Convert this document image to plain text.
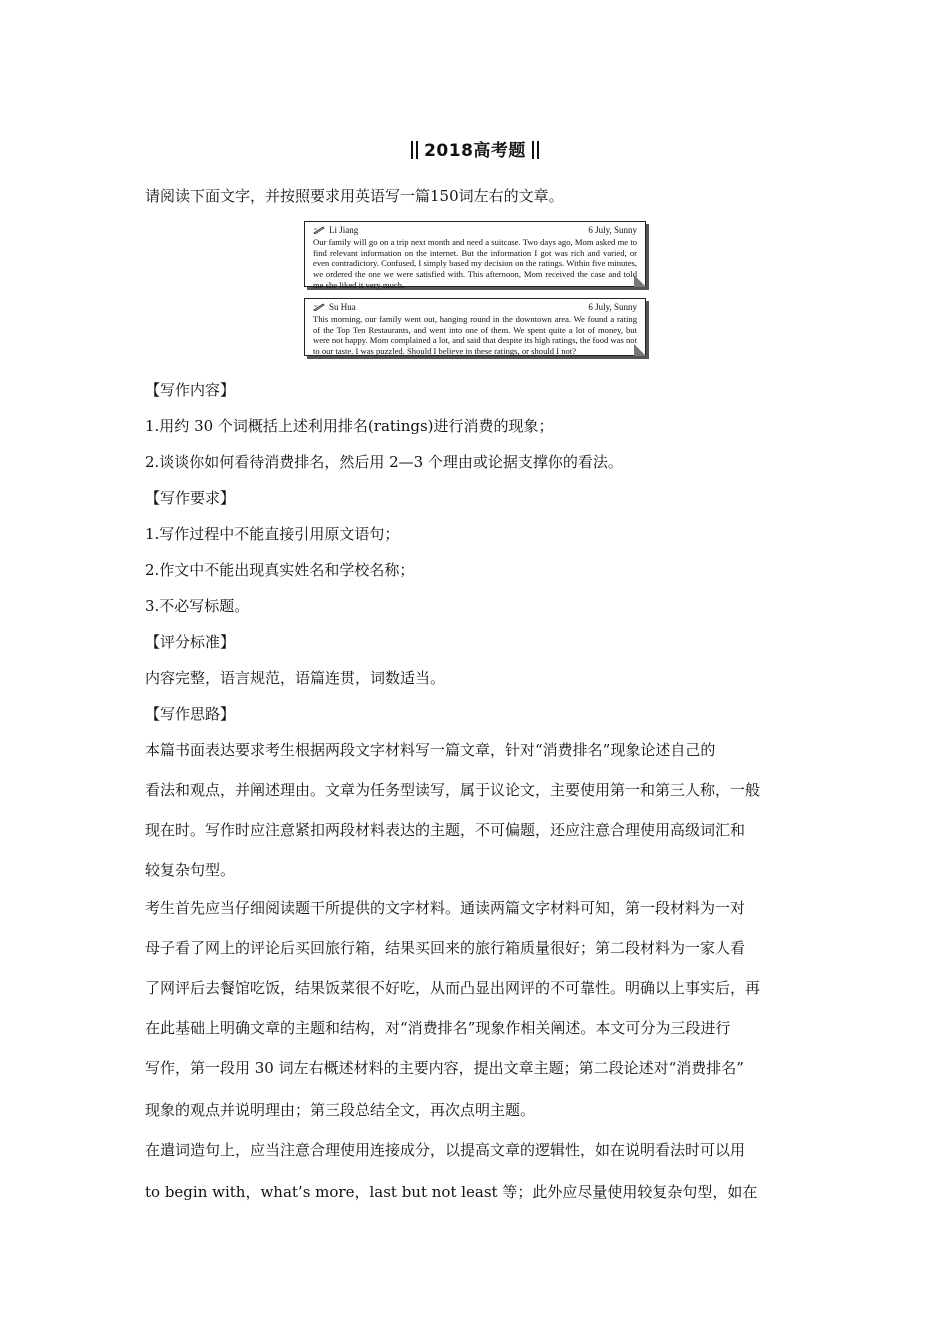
2018高考题
请阅读下面文字，并按照要求用英语写一篇150词左右的文章。
Li Jiang	6 July, Sunny
Our family will go on a trip next month and need a suitcase. Two days ago, Mom asked me to find relevant information on the internet. But the information I got was rich and varied, or even contradictory. Confused, I simply based my decision on the ratings. Within five minutes, we ordered the one we were satisfied with. This afternoon, Mom received the case and told me she liked it very much.
Su Hua	6 July, Sunny
This morning, our family went out, hanging round in the downtown area. We found a rating of the Top Ten Restaurants, and went into one of them. We spent quite a lot of money, but were not happy. Mom complained a lot, and said that despite its high ratings, the food was not to our taste. I was puzzled. Should I believe in these ratings, or should I not?
【写作内容】
1.用约 30 个词概括上述利用排名(ratings)进行消费的现象；
2.谈谈你如何看待消费排名，然后用 2—3 个理由或论据支撑你的看法。
【写作要求】
1.写作过程中不能直接引用原文语句；
2.作文中不能出现真实姓名和学校名称；
3.不必写标题。
【评分标准】
内容完整，语言规范，语篇连贯，词数适当。
【写作思路】
本篇书面表达要求考生根据两段文字材料写一篇文章，针对“消费排名”现象论述自己的
看法和观点，并阐述理由。文章为任务型读写，属于议论文，主要使用第一和第三人称，一般
现在时。写作时应注意紧扣两段材料表达的主题，不可偏题，还应注意合理使用高级词汇和
较复杂句型。
考生首先应当仔细阅读题干所提供的文字材料。通读两篇文字材料可知，第一段材料为一对
母子看了网上的评论后买回旅行箱，结果买回来的旅行箱质量很好；第二段材料为一家人看
了网评后去餐馆吃饭，结果饭菜很不好吃，从而凸显出网评的不可靠性。明确以上事实后，再
在此基础上明确文章的主题和结构，对“消费排名”现象作相关阐述。本文可分为三段进行
写作，第一段用 30 词左右概述材料的主要内容，提出文章主题；第二段论述对“消费排名”
现象的观点并说明理由；第三段总结全文，再次点明主题。
在遣词造句上，应当注意合理使用连接成分，以提高文章的逻辑性，如在说明看法时可以用
to begin with，what’s more，last but not least 等；此外应尽量使用较复杂句型，如在
